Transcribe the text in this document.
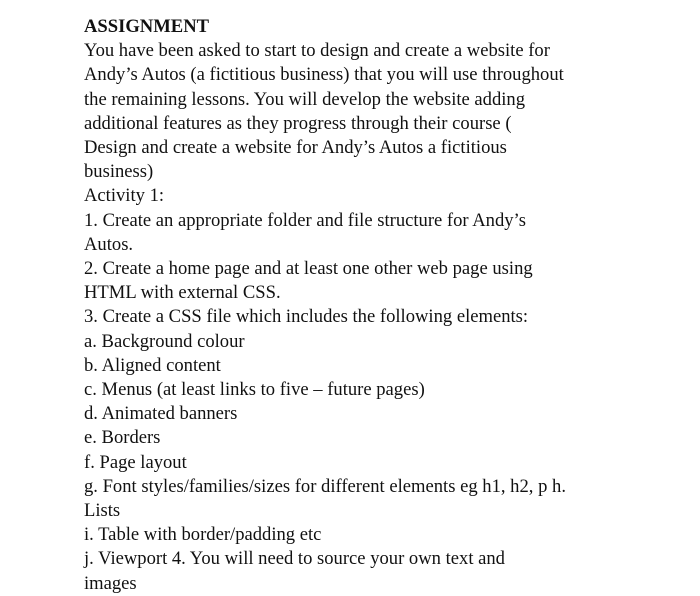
ASSIGNMENT
You have been asked to start to design and create a website for
Andy’s Autos (a fictitious business) that you will use throughout
the remaining lessons. You will develop the website adding
additional features as they progress through their course (
Design and create a website for Andy’s Autos a fictitious
business)
Activity 1:
1. Create an appropriate folder and file structure for Andy’s
Autos.
2. Create a home page and at least one other web page using
HTML with external CSS.
3. Create a CSS file which includes the following elements:
a. Background colour
b. Aligned content
c. Menus (at least links to five – future pages)
d. Animated banners
e. Borders
f. Page layout
g. Font styles/families/sizes for different elements eg h1, h2, p h.
Lists
i. Table with border/padding etc
j. Viewport 4. You will need to source your own text and
images
